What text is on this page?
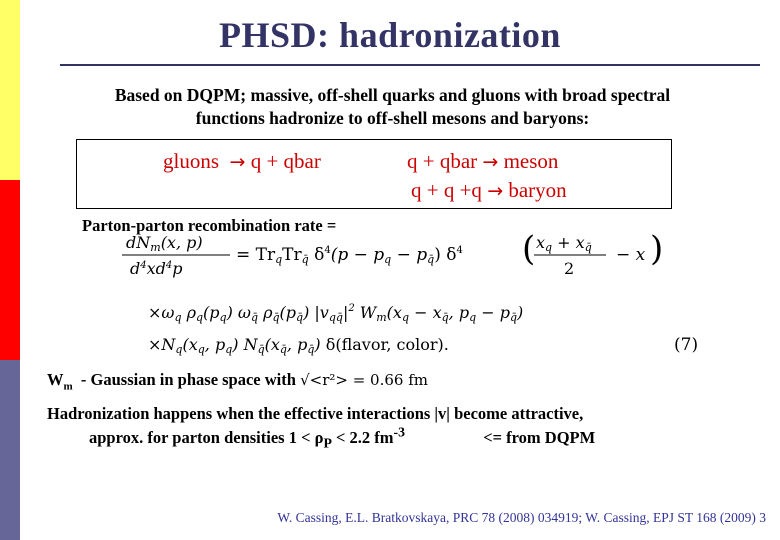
PHSD: hadronization
Based on DQPM; massive, off-shell quarks and gluons with broad spectral
functions hadronize to off-shell mesons and baryons:
gluons → q + qbar	q + qbar → meson
q + q +q → baryon
Parton-parton recombination rate =
dNm(x, p)
$d^4xd^4p$
= TrqTrq̄ $\delta^4(p$ − pq − pq̄) $\delta^4$ ( xq + xq̄
2
− x )
×ωq ρq(pq) ωq̄ ρq̄(pq̄) $|vqq̄|^2$ Wm(xq − xq̄, pq − pq̄)
×Nq(xq, pq) Nq̄(xq̄, pq̄) δ(flavor, color).	(7)
$W_m$ - Gaussian in phase space with √<r²> = 0.66 fm
Hadronization happens when the effective interactions |v| become attractive,
approx. for parton densities $1 < \rho_P < 2.2$ $fm^{-3}$	<= from DQPM
W. Cassing, E.L. Bratkovskaya, PRC 78 (2008) 034919; W. Cassing, EPJ ST 168 (2009) 3
